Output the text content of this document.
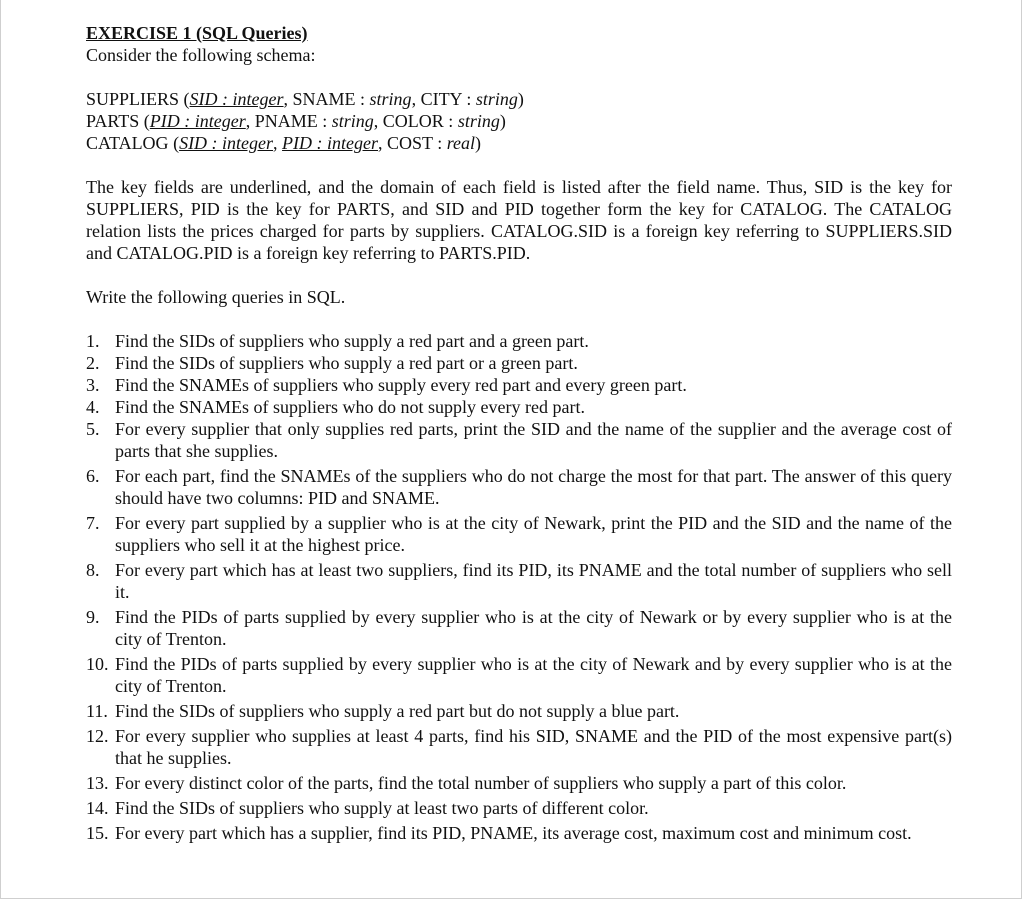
EXERCISE 1 (SQL Queries)

Consider the following schema:

SUPPLIERS (SID : integer, SNAME : string, CITY : string)
PARTS (PID : integer, PNAME : string, COLOR : string)
CATALOG (SID : integer, PID : integer, COST : real)
The key fields are underlined, and the domain of each field is listed after the field name. Thus, SID is the key for SUPPLIERS, PID is the key for PARTS, and SID and PID together form the key for CATALOG. The CATALOG relation lists the prices charged for parts by suppliers. CATALOG.SID is a foreign key referring to SUPPLIERS.SID and CATALOG.PID is a foreign key referring to PARTS.PID.
Write the following queries in SQL.
1. Find the SIDs of suppliers who supply a red part and a green part.
2. Find the SIDs of suppliers who supply a red part or a green part.
3. Find the SNAMEs of suppliers who supply every red part and every green part.
4. Find the SNAMEs of suppliers who do not supply every red part.
5. For every supplier that only supplies red parts, print the SID and the name of the supplier and the average cost of parts that she supplies.
6. For each part, find the SNAMEs of the suppliers who do not charge the most for that part. The answer of this query should have two columns: PID and SNAME.
7. For every part supplied by a supplier who is at the city of Newark, print the PID and the SID and the name of the suppliers who sell it at the highest price.
8. For every part which has at least two suppliers, find its PID, its PNAME and the total number of suppliers who sell it.
9. Find the PIDs of parts supplied by every supplier who is at the city of Newark or by every supplier who is at the city of Trenton.
10. Find the PIDs of parts supplied by every supplier who is at the city of Newark and by every supplier who is at the city of Trenton.
11. Find the SIDs of suppliers who supply a red part but do not supply a blue part.
12. For every supplier who supplies at least 4 parts, find his SID, SNAME and the PID of the most expensive part(s) that he supplies.
13. For every distinct color of the parts, find the total number of suppliers who supply a part of this color.
14. Find the SIDs of suppliers who supply at least two parts of different color.
15. For every part which has a supplier, find its PID, PNAME, its average cost, maximum cost and minimum cost.
